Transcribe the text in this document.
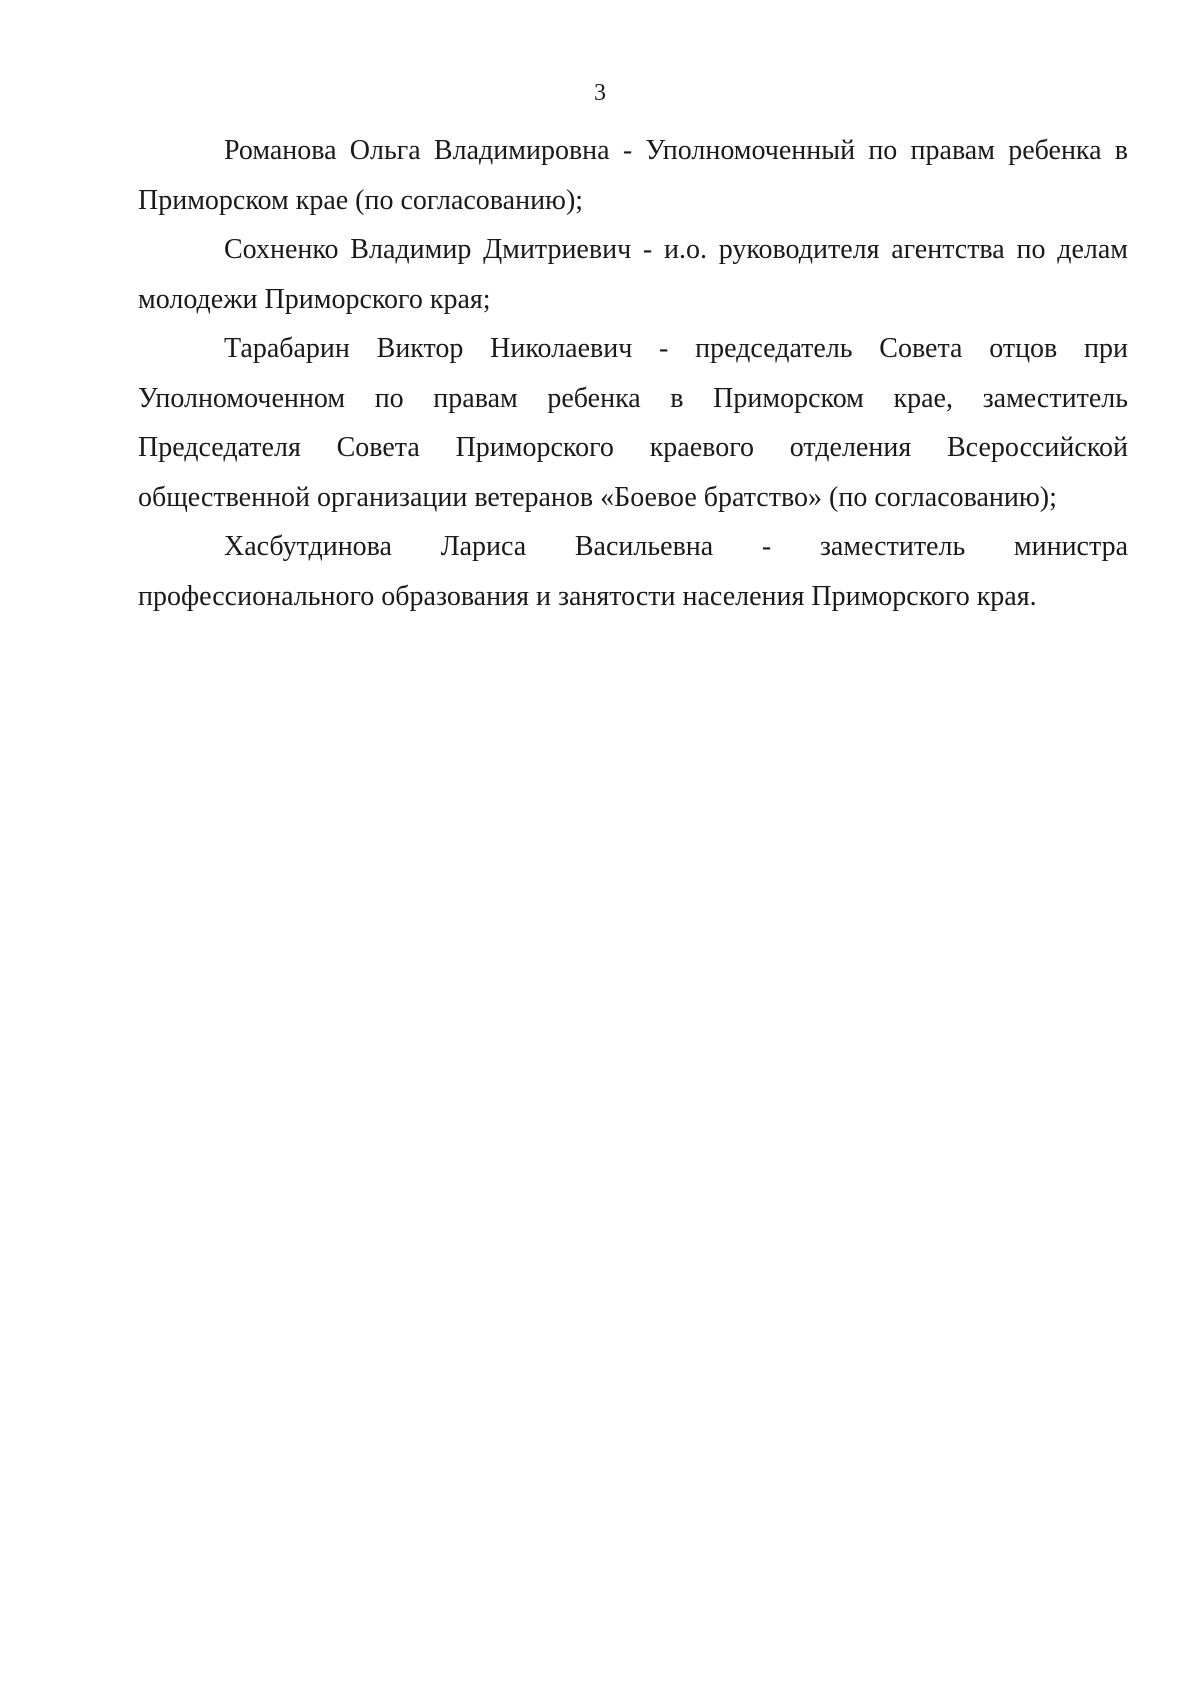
3

Романова Ольга Владимировна - Уполномоченный по правам ребенка в Приморском крае (по согласованию);

Сохненко Владимир Дмитриевич - и.о. руководителя агентства по делам молодежи Приморского края;

Тарабарин Виктор Николаевич - председатель Совета отцов при Уполномоченном по правам ребенка в Приморском крае, заместитель Председателя Совета Приморского краевого отделения Всероссийской общественной организации ветеранов «Боевое братство» (по согласованию);

Хасбутдинова Лариса Васильевна - заместитель министра профессионального образования и занятости населения Приморского края.
